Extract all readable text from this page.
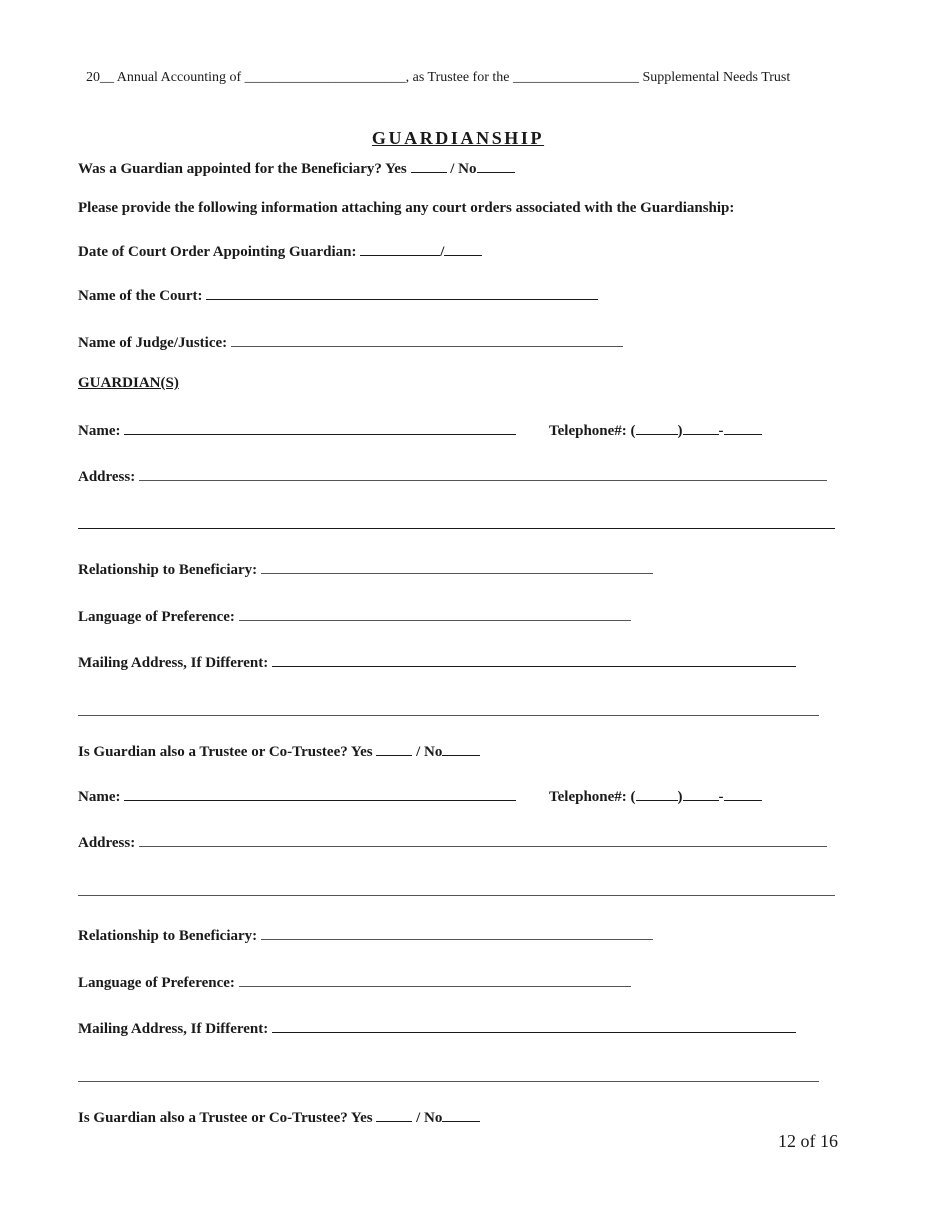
20__ Annual Accounting of _______________________, as Trustee for the __________________ Supplemental Needs Trust
GUARDIANSHIP
Was a Guardian appointed for the Beneficiary? Yes	/ No
Please provide the following information attaching any court orders associated with the Guardianship:
Date of Court Order Appointing Guardian:	/
Name of the Court:
Name of Judge/Justice:
GUARDIAN(S)
Name:	Telephone#: (	) -
Address:
Relationship to Beneficiary:
Language of Preference:
Mailing Address, If Different:
Is Guardian also a Trustee or Co-Trustee? Yes	/ No
Name:	Telephone#: (	) -
Address:
Relationship to Beneficiary:
Language of Preference:
Mailing Address, If Different:
Is Guardian also a Trustee or Co-Trustee? Yes	/ No
12 of 16
